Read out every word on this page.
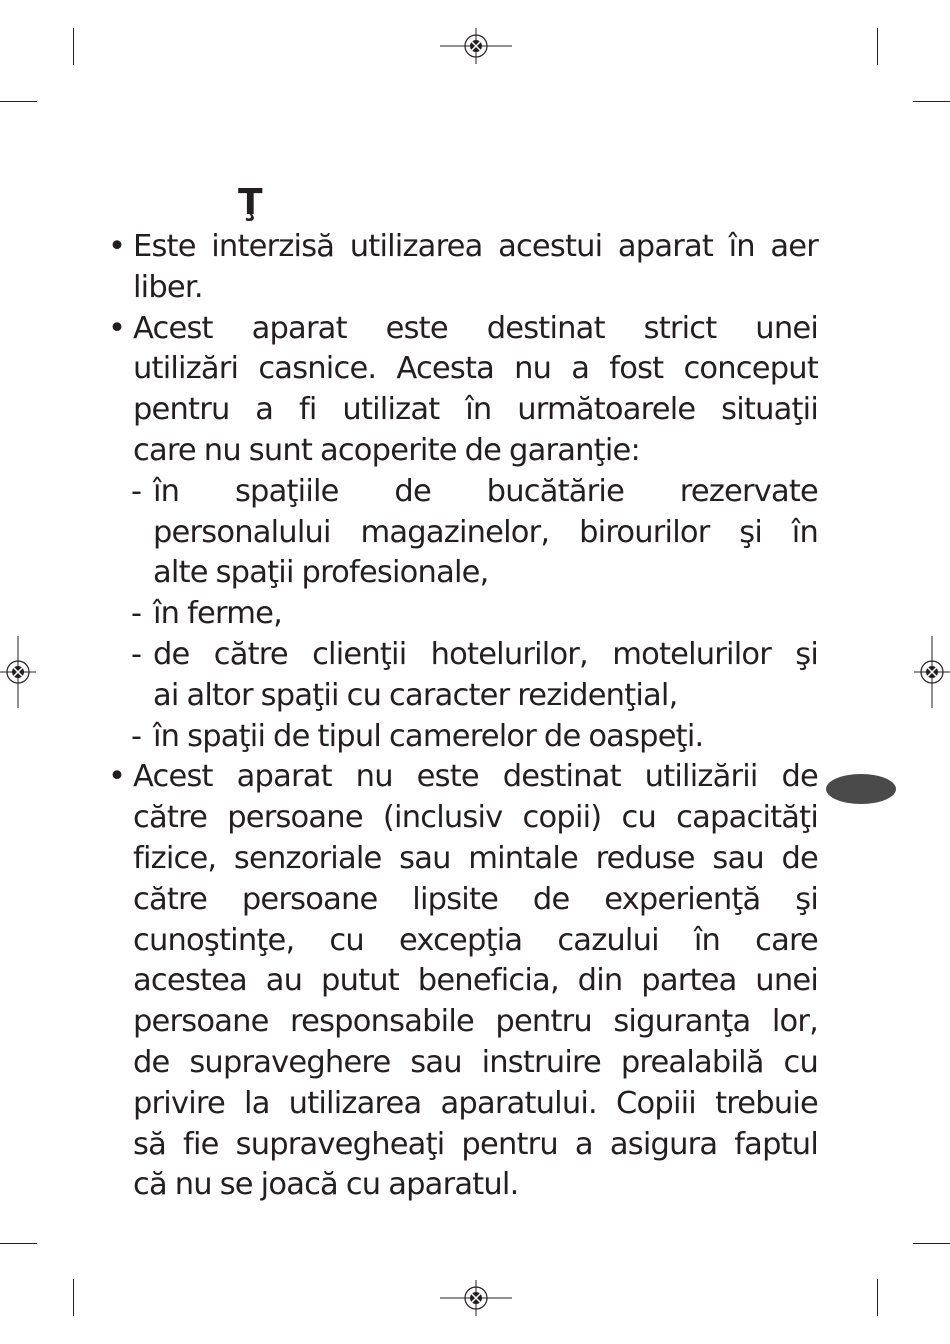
Ţ
• Este interzisă utilizarea acestui aparat în aer
liber.
• Acest aparat este destinat strict unei
utilizări casnice. Acesta nu a fost conceput
pentru a fi utilizat în următoarele situaţii
care nu sunt acoperite de garanţie:
- în spaţiile de bucătărie rezervate
personalului magazinelor, birourilor şi în
alte spaţii profesionale,
- în ferme,
- de către clienţii hotelurilor, motelurilor şi
ai altor spaţii cu caracter rezidenţial,
- în spaţii de tipul camerelor de oaspeţi.
• Acest aparat nu este destinat utilizării de
către persoane (inclusiv copii) cu capacităţi
fizice, senzoriale sau mintale reduse sau de
către persoane lipsite de experienţă şi
cunoştinţe, cu excepţia cazului în care
acestea au putut beneficia, din partea unei
persoane responsabile pentru siguranţa lor,
de supraveghere sau instruire prealabilă cu
privire la utilizarea aparatului. Copiii trebuie
să fie supravegheaţi pentru a asigura faptul
că nu se joacă cu aparatul.
